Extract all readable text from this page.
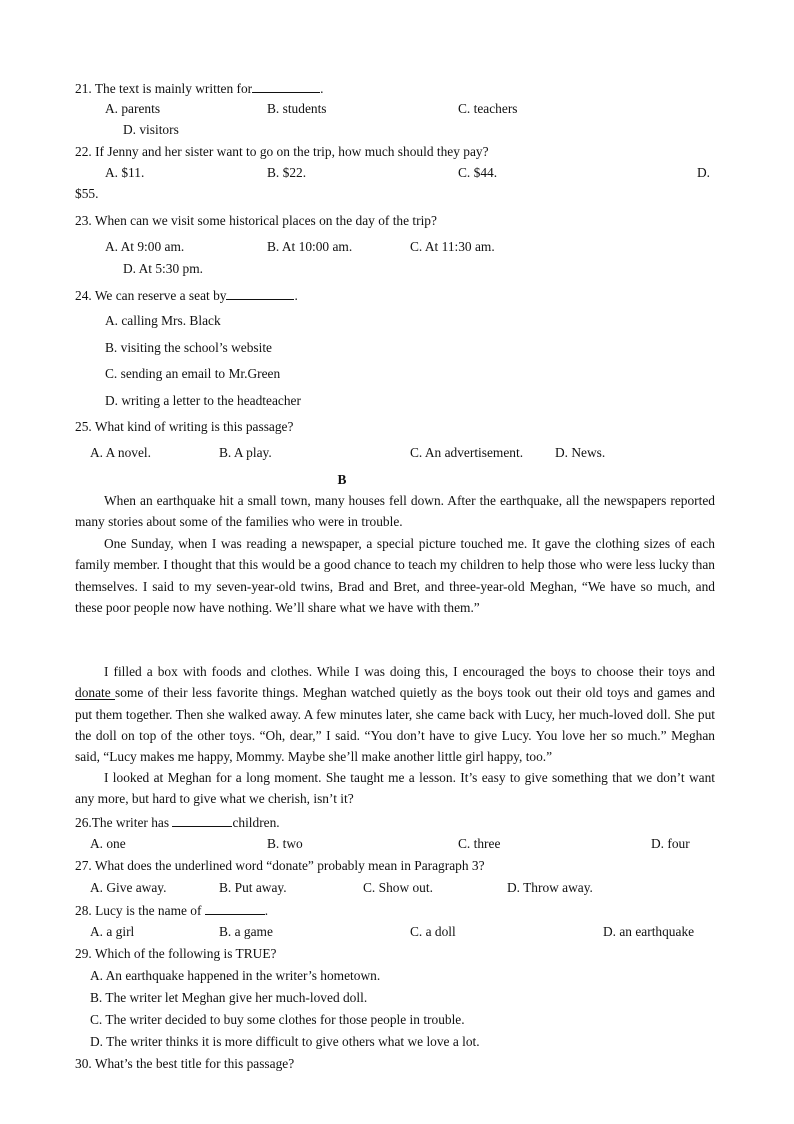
21. The text is mainly written for	.
A. parents	B. students	C. teachers
D. visitors
22. If Jenny and her sister want to go on the trip, how much should they pay?
A. $11.	B. $22.	C. $44.	D.
$55.
23. When can we visit some historical places on the day of the trip?
A. At 9:00 am.	B. At 10:00 am.	C. At 11:30 am.
D. At 5:30 pm.
24. We can reserve a seat by	.
A. calling Mrs. Black
B. visiting the school’s website
C. sending an email to Mr.Green
D. writing a letter to the headteacher
25. What kind of writing is this passage?
A. A novel.	B. A play.	C. An advertisement. D. News.
B
When an earthquake hit a small town, many houses fell down. After the earthquake, all the newspapers reported many stories about some of the families who were in trouble.
One Sunday, when I was reading a newspaper, a special picture touched me. It gave the clothing sizes of each family member. I thought that this would be a good chance to teach my children to help those who were less lucky than themselves. I said to my seven-year-old twins, Brad and Bret, and three-year-old Meghan, “We have so much, and these poor people now have nothing. We’ll share what we have with them.”
I filled a box with foods and clothes. While I was doing this, I encouraged the boys to choose their toys and donate some of their less favorite things. Meghan watched quietly as the boys took out their old toys and games and put them together. Then she walked away. A few minutes later, she came back with Lucy, her much-loved doll. She put the doll on top of the other toys. “Oh, dear,” I said. “You don’t have to give Lucy. You love her so much.” Meghan said, “Lucy makes me happy, Mommy. Maybe she’ll make another little girl happy, too.”
I looked at Meghan for a long moment. She taught me a lesson. It’s easy to give something that we don’t want any more, but hard to give what we cherish, isn’t it?
26.The writer has	children.
A. one	B. two	C. three	D. four
27. What does the underlined word “donate” probably mean in Paragraph 3?
A. Give away.	B. Put away.	C. Show out.	D. Throw away.
28. Lucy is the name of	.
A. a girl	B. a game	C. a doll	D. an earthquake
29. Which of the following is TRUE?
A. An earthquake happened in the writer’s hometown.
B. The writer let Meghan give her much-loved doll.
C. The writer decided to buy some clothes for those people in trouble.
D. The writer thinks it is more difficult to give others what we love a lot.
30. What’s the best title for this passage?
